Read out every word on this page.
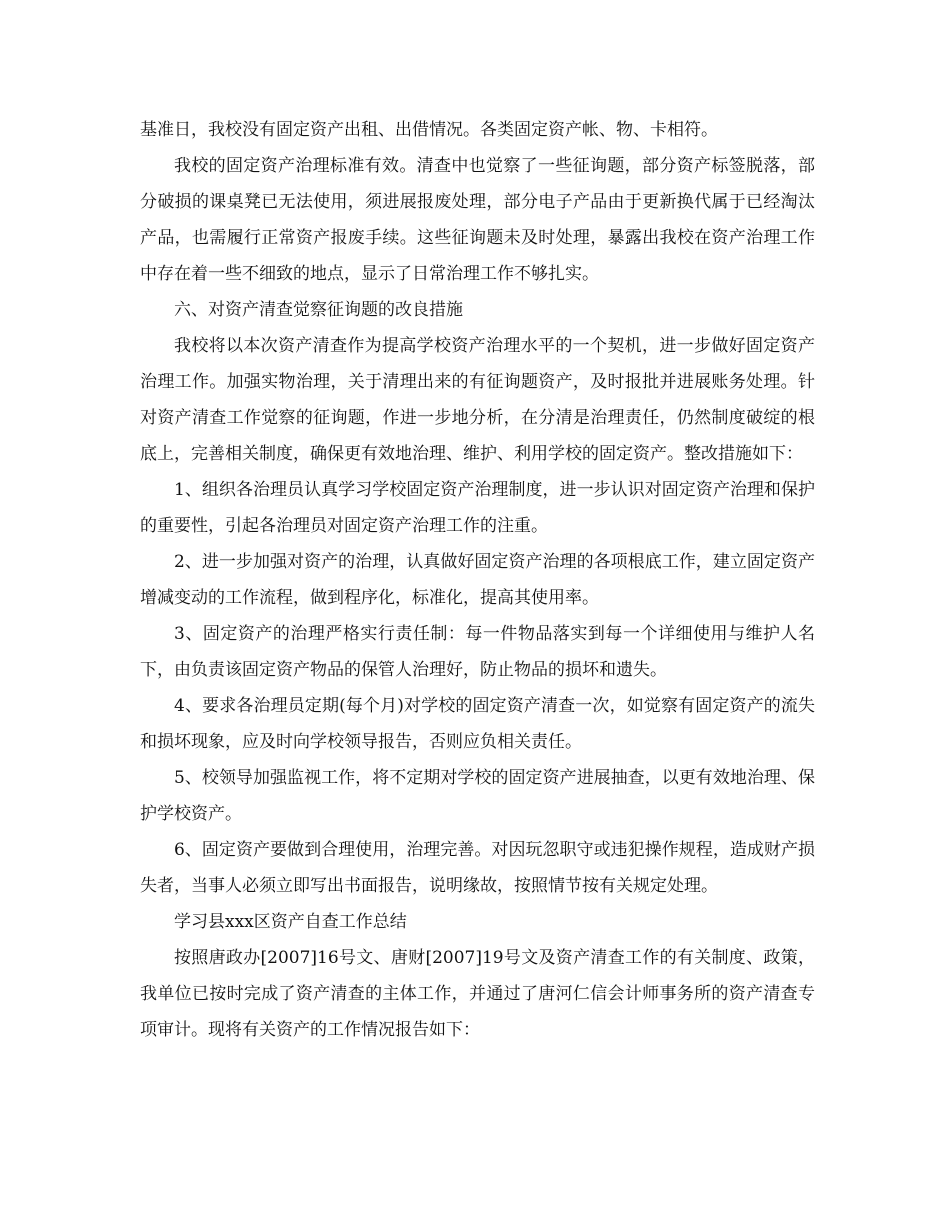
基准日，我校没有固定资产出租、出借情况。各类固定资产帐、物、卡相符。

我校的固定资产治理标准有效。清查中也觉察了一些征询题，部分资产标签脱落，部分破损的课桌凳已无法使用，须进展报废处理，部分电子产品由于更新换代属于已经淘汰产品，也需履行正常资产报废手续。这些征询题未及时处理，暴露出我校在资产治理工作中存在着一些不细致的地点，显示了日常治理工作不够扎实。

六、对资产清查觉察征询题的改良措施

我校将以本次资产清查作为提高学校资产治理水平的一个契机，进一步做好固定资产治理工作。加强实物治理，关于清理出来的有征询题资产，及时报批并进展账务处理。针对资产清查工作觉察的征询题，作进一步地分析，在分清是治理责任，仍然制度破绽的根底上，完善相关制度，确保更有效地治理、维护、利用学校的固定资产。整改措施如下：

1、组织各治理员认真学习学校固定资产治理制度，进一步认识对固定资产治理和保护的重要性，引起各治理员对固定资产治理工作的注重。

2、进一步加强对资产的治理，认真做好固定资产治理的各项根底工作，建立固定资产增减变动的工作流程，做到程序化，标准化，提高其使用率。

3、固定资产的治理严格实行责任制：每一件物品落实到每一个详细使用与维护人名下，由负责该固定资产物品的保管人治理好，防止物品的损坏和遗失。

4、要求各治理员定期(每个月)对学校的固定资产清查一次，如觉察有固定资产的流失和损坏现象，应及时向学校领导报告，否则应负相关责任。

5、校领导加强监视工作，将不定期对学校的固定资产进展抽查，以更有效地治理、保护学校资产。

6、固定资产要做到合理使用，治理完善。对因玩忽职守或违犯操作规程，造成财产损失者，当事人必须立即写出书面报告，说明缘故，按照情节按有关规定处理。

学习县xxx区资产自查工作总结

按照唐政办[2007]16号文、唐财[2007]19号文及资产清查工作的有关制度、政策，我单位已按时完成了资产清查的主体工作，并通过了唐河仁信会计师事务所的资产清查专项审计。现将有关资产的工作情况报告如下：
